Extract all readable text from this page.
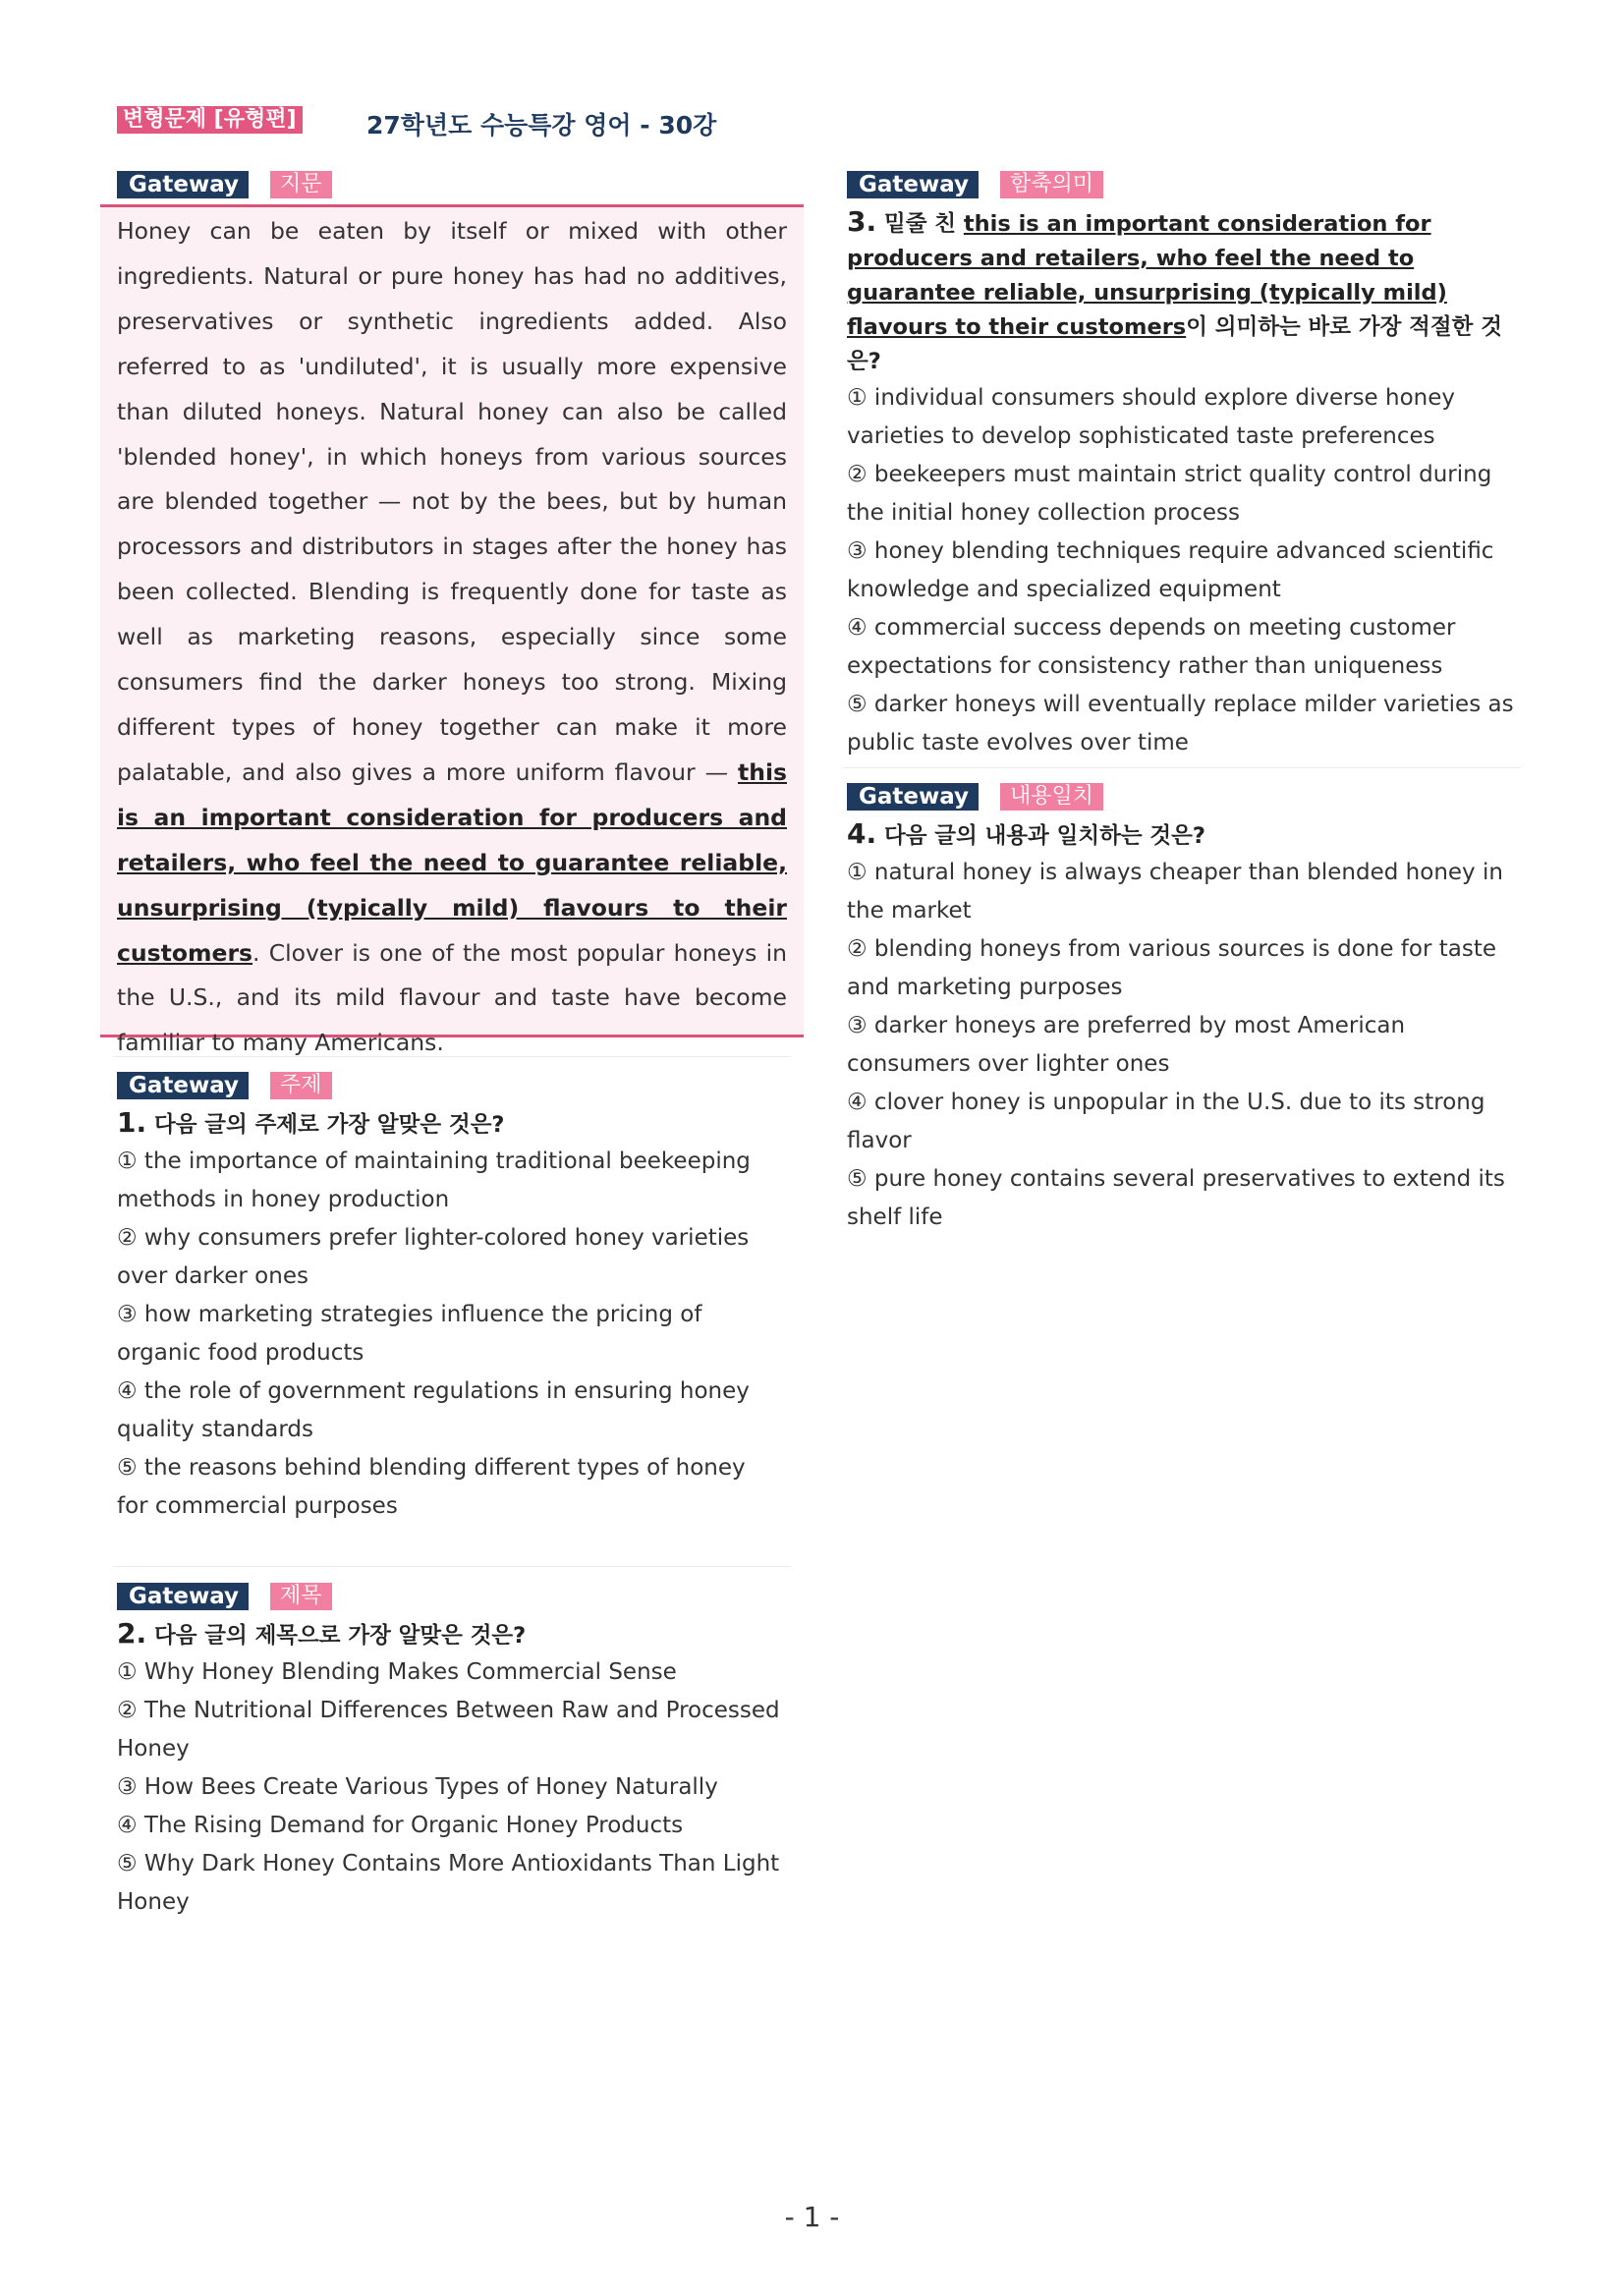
변형문제 [유형편]	27학년도 수능특강 영어 - 30강
Gateway	지문

Honey can be eaten by itself or mixed with other ingredients. Natural or pure honey has had no additives, preservatives or synthetic ingredients added. Also referred to as 'undiluted', it is usually more expensive than diluted honeys. Natural honey can also be called 'blended honey', in which honeys from various sources are blended together — not by the bees, but by human processors and distributors in stages after the honey has been collected. Blending is frequently done for taste as well as marketing reasons, especially since some consumers find the darker honeys too strong. Mixing different types of honey together can make it more palatable, and also gives a more uniform flavour — this is an important consideration for producers and retailers, who feel the need to guarantee reliable, unsurprising (typically mild) flavours to their customers. Clover is one of the most popular honeys in the U.S., and its mild flavour and taste have become familiar to many Americans.

Gateway	주제

1. 다음 글의 주제로 가장 알맞은 것은?

① the importance of maintaining traditional beekeeping methods in honey production

② why consumers prefer lighter-colored honey varieties over darker ones

③ how marketing strategies influence the pricing of organic food products

④ the role of government regulations in ensuring honey quality standards

⑤ the reasons behind blending different types of honey for commercial purposes

Gateway	제목

2. 다음 글의 제목으로 가장 알맞은 것은?

① Why Honey Blending Makes Commercial Sense

② The Nutritional Differences Between Raw and Processed Honey

③ How Bees Create Various Types of Honey Naturally

④ The Rising Demand for Organic Honey Products

⑤ Why Dark Honey Contains More Antioxidants Than Light Honey

Gateway	함축의미

3. 밑줄 친 this is an important consideration for producers and retailers, who feel the need to guarantee reliable, unsurprising (typically mild) flavours to their customers이 의미하는 바로 가장 적절한 것은?

① individual consumers should explore diverse honey varieties to develop sophisticated taste preferences

② beekeepers must maintain strict quality control during the initial honey collection process

③ honey blending techniques require advanced scientific knowledge and specialized equipment

④ commercial success depends on meeting customer expectations for consistency rather than uniqueness

⑤ darker honeys will eventually replace milder varieties as public taste evolves over time

Gateway	내용일치

4. 다음 글의 내용과 일치하는 것은?

① natural honey is always cheaper than blended honey in the market

② blending honeys from various sources is done for taste and marketing purposes

③ darker honeys are preferred by most American consumers over lighter ones

④ clover honey is unpopular in the U.S. due to its strong flavor

⑤ pure honey contains several preservatives to extend its shelf life

- 1 -
